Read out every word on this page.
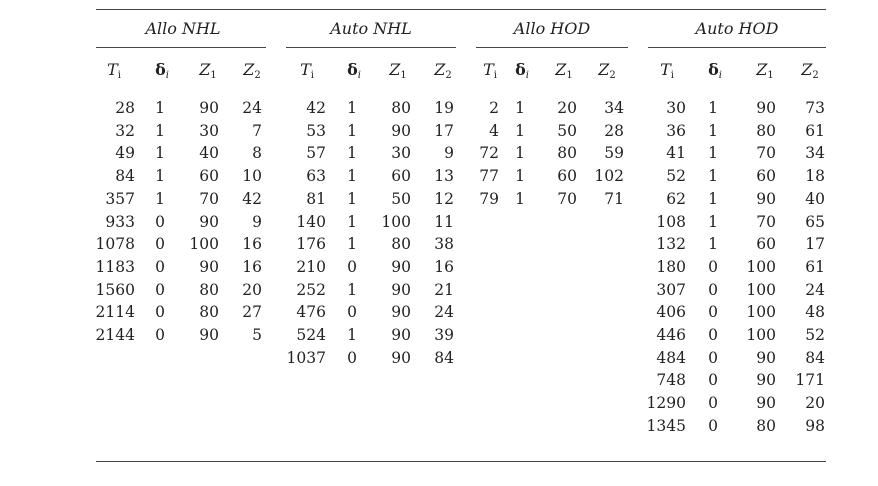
Allo NHL
$T_i$ $\delta_i$ $Z_1$ $Z_2$
28 1 90 24
32 1 30 7
49 1 40 8
84 1 60 10
357 1 70 42
933 0 90 9
1078 0 100 16
1183 0 90 16
1560 0 80 20
2114 0 80 27
2144 0 90 5
Auto NHL
$T_i$ $\delta_i$ $Z_1$ $Z_2$
42 1 80 19
53 1 90 17
57 1 30 9
63 1 60 13
81 1 50 12
140 1 100 11
176 1 80 38
210 0 90 16
252 1 90 21
476 0 90 24
524 1 90 39
1037 0 90 84
Allo HOD
$T_i$ $\delta_i$ $Z_1$ $Z_2$
2 1 20 34
4 1 50 28
72 1 80 59
77 1 60 102
79 1 70 71
Auto HOD
$T_i$ $\delta_i$ $Z_1$ $Z_2$
30 1 90 73
36 1 80 61
41 1 70 34
52 1 60 18
62 1 90 40
108 1 70 65
132 1 60 17
180 0 100 61
307 0 100 24
406 0 100 48
446 0 100 52
484 0 90 84
748 0 90 171
1290 0 90 20
1345 0 80 98
